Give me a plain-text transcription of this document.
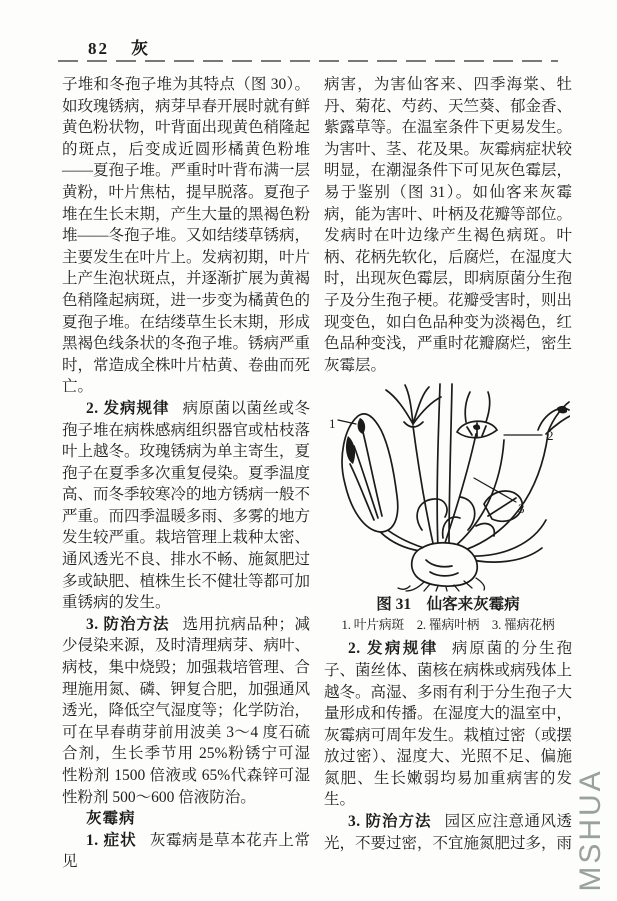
82 灰

子堆和冬孢子堆为其特点（图 30）。如玫瑰锈病，病芽早春开展时就有鲜黄色粉状物，叶背面出现黄色稍隆起的斑点，后变成近圆形橘黄色粉堆——夏孢子堆。严重时叶背布满一层黄粉，叶片焦枯，提早脱落。夏孢子堆在生长末期，产生大量的黑褐色粉堆——冬孢子堆。又如结缕草锈病，主要发生在叶片上。发病初期，叶片上产生泡状斑点，并逐渐扩展为黄褐色稍隆起病斑，进一步变为橘黄色的夏孢子堆。在结缕草生长末期，形成黑褐色线条状的冬孢子堆。锈病严重时，常造成全株叶片枯黄、卷曲而死亡。

2. 发病规律 病原菌以菌丝或冬孢子堆在病株感病组织器官或枯枝落叶上越冬。玫瑰锈病为单主寄生，夏孢子在夏季多次重复侵染。夏季温度高、而冬季较寒冷的地方锈病一般不严重。而四季温暖多雨、多雾的地方发生较严重。栽培管理上栽种太密、通风透光不良、排水不畅、施氮肥过多或缺肥、植株生长不健壮等都可加重锈病的发生。

3. 防治方法 选用抗病品种；减少侵染来源，及时清理病芽、病叶、病枝，集中烧毁；加强栽培管理、合理施用氮、磷、钾复合肥，加强通风透光，降低空气湿度等；化学防治，可在早春萌芽前用波美 3～4 度石硫合剂，生长季节用 25%粉锈宁可湿性粉剂 1500 倍液或 65%代森锌可湿性粉剂 500～600 倍液防治。

灰霉病

1. 症状 灰霉病是草本花卉上常见

病害，为害仙客来、四季海棠、牡丹、菊花、芍药、天竺葵、郁金香、紫露草等。在温室条件下更易发生。为害叶、茎、花及果。灰霉病症状较明显，在潮湿条件下可见灰色霉层，易于鉴别（图 31）。如仙客来灰霉病，能为害叶、叶柄及花瓣等部位。发病时在叶边缘产生褐色病斑。叶柄、花柄先软化，后腐烂，在湿度大时，出现灰色霉层，即病原菌分生孢子及分生孢子梗。花瓣受害时，则出现变色，如白色品种变为淡褐色，红色品种变浅，严重时花瓣腐烂，密生灰霉层。

1
2
3
图 31　仙客来灰霉病
1. 叶片病斑　2. 罹病叶柄　3. 罹病花柄

2. 发病规律 病原菌的分生孢子、菌丝体、菌核在病株或病残体上越冬。高湿、多雨有利于分生孢子大量形成和传播。在湿度大的温室中，灰霉病可周年发生。栽植过密（或摆放过密）、湿度大、光照不足、偏施氮肥、生长嫩弱均易加重病害的发生。

3. 防治方法 园区应注意通风透光，不要过密，不宜施氮肥过多，雨 MSHUA
